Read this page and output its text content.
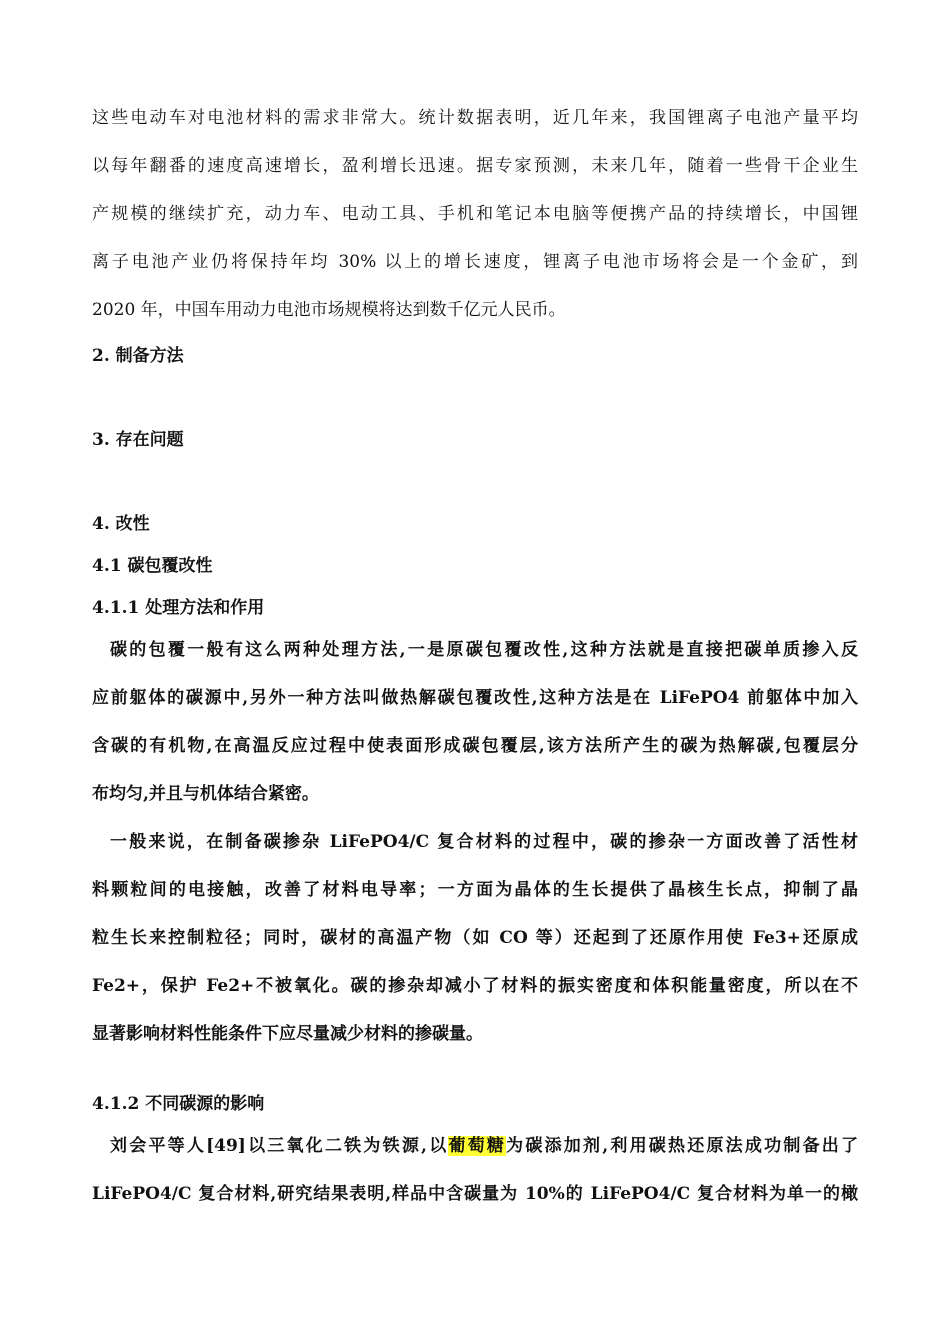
这些电动车对电池材料的需求非常大。统计数据表明，近几年来，我国锂离子电池产量平均

以每年翻番的速度高速增长，盈利增长迅速。据专家预测，未来几年，随着一些骨干企业生

产规模的继续扩充，动力车、电动工具、手机和笔记本电脑等便携产品的持续增长，中国锂

离子电池产业仍将保持年均 30% 以上的增长速度，锂离子电池市场将会是一个金矿，到

2020 年，中国车用动力电池市场规模将达到数千亿元人民币。

2. 制备方法

3. 存在问题

4. 改性

4.1 碳包覆改性

4.1.1 处理方法和作用

碳的包覆一般有这么两种处理方法,一是原碳包覆改性,这种方法就是直接把碳单质掺入反

应前躯体的碳源中,另外一种方法叫做热解碳包覆改性,这种方法是在 LiFePO4 前躯体中加入

含碳的有机物,在高温反应过程中使表面形成碳包覆层,该方法所产生的碳为热解碳,包覆层分

布均匀,并且与机体结合紧密。

一般来说，在制备碳掺杂 LiFePO4/C 复合材料的过程中，碳的掺杂一方面改善了活性材

料颗粒间的电接触，改善了材料电导率；一方面为晶体的生长提供了晶核生长点，抑制了晶

粒生长来控制粒径；同时，碳材的高温产物（如 CO 等）还起到了还原作用使 Fe3+还原成

Fe2+，保护 Fe2+不被氧化。碳的掺杂却减小了材料的振实密度和体积能量密度，所以在不

显著影响材料性能条件下应尽量减少材料的掺碳量。

4.1.2 不同碳源的影响

刘会平等人[49]以三氧化二铁为铁源,以葡萄糖为碳添加剂,利用碳热还原法成功制备出了

LiFePO4/C 复合材料,研究结果表明,样品中含碳量为 10%的 LiFePO4/C 复合材料为单一的橄
